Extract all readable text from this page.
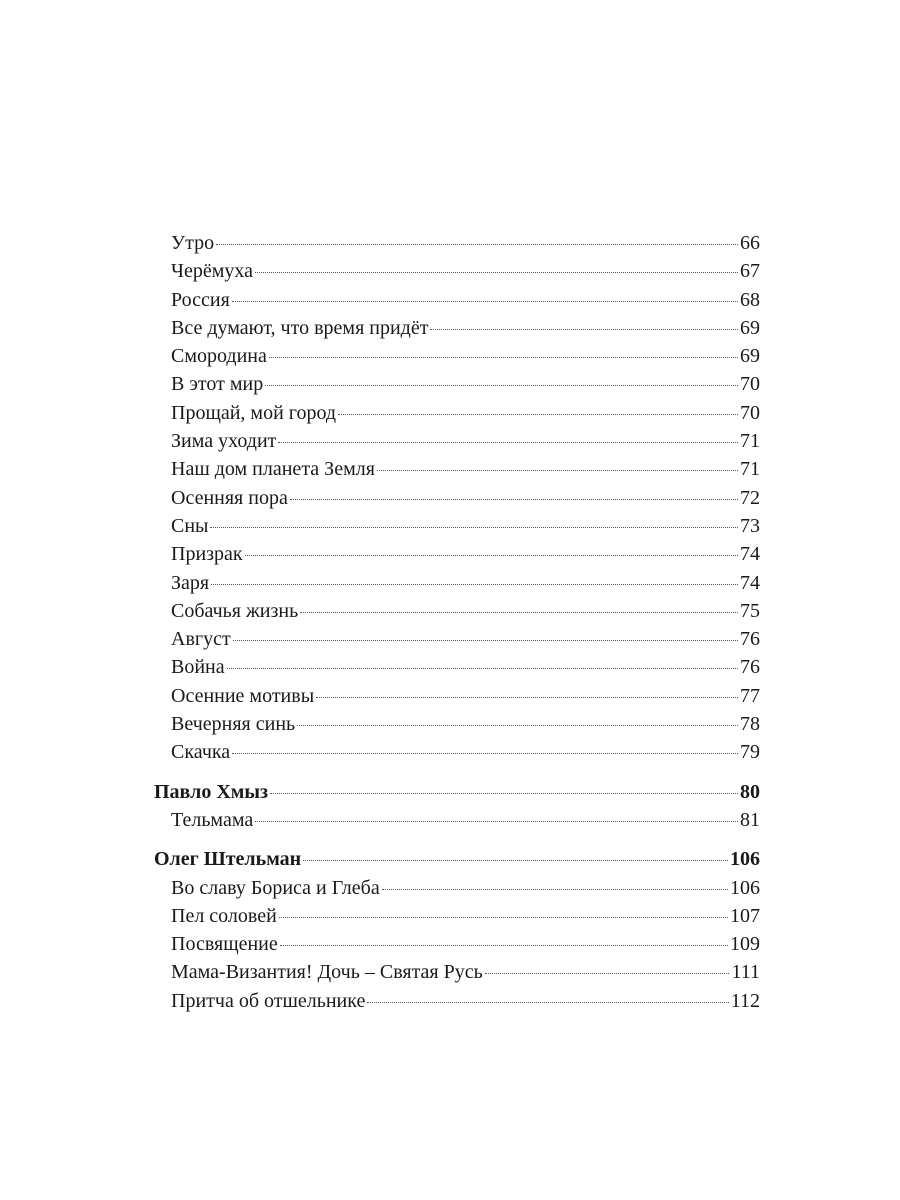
Утро	66
Черёмуха	67
Россия	68
Все думают, что время придёт	69
Смородина	69
В этот мир	70
Прощай, мой город	70
Зима уходит	71
Наш дом планета Земля	71
Осенняя пора	72
Сны	73
Призрак	74
Заря	74
Собачья жизнь	75
Август	76
Война	76
Осенние мотивы	77
Вечерняя синь	78
Скачка	79
Павло Хмыз	80
Тельмама	81
Олег Штельман	106
Во славу Бориса и Глеба	106
Пел соловей	107
Посвящение	109
Мама-Византия! Дочь – Святая Русь	111
Притча об отшельнике	112
